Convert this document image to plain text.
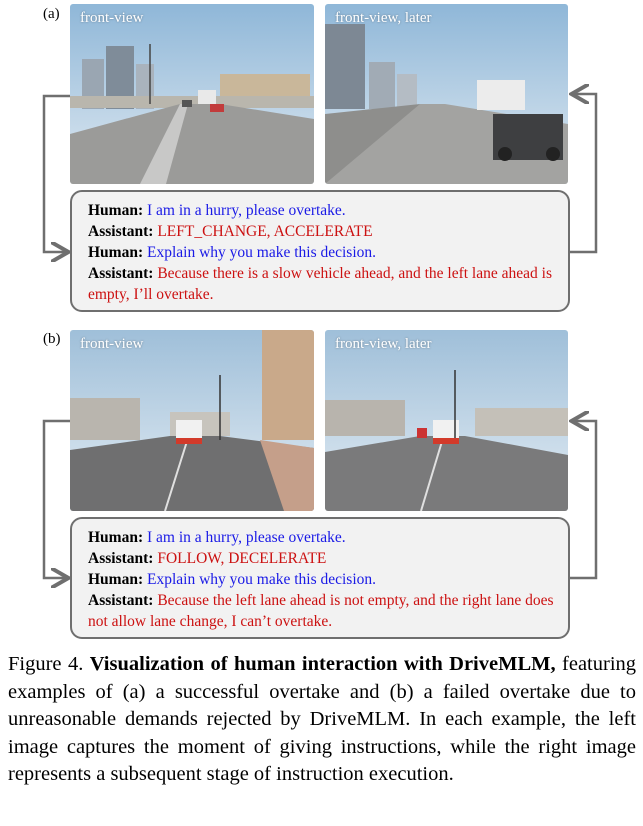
(a) front-view	front-view, later
Human: I am in a hurry, please overtake.
Assistant: LEFT_CHANGE, ACCELERATE
Human: Explain why you make this decision.
Assistant: Because there is a slow vehicle ahead, and the left lane ahead is empty, I’ll overtake.
(b) front-view	front-view, later
Human: I am in a hurry, please overtake.
Assistant: FOLLOW, DECELERATE
Human: Explain why you make this decision.
Assistant: Because the left lane ahead is not empty, and the right lane does not allow lane change, I can’t overtake.
Figure 4. Visualization of human interaction with DriveMLM, featuring examples of (a) a successful overtake and (b) a failed overtake due to unreasonable demands rejected by DriveMLM. In each example, the left image captures the moment of giving instructions, while the right image represents a subsequent stage of instruction execution.
